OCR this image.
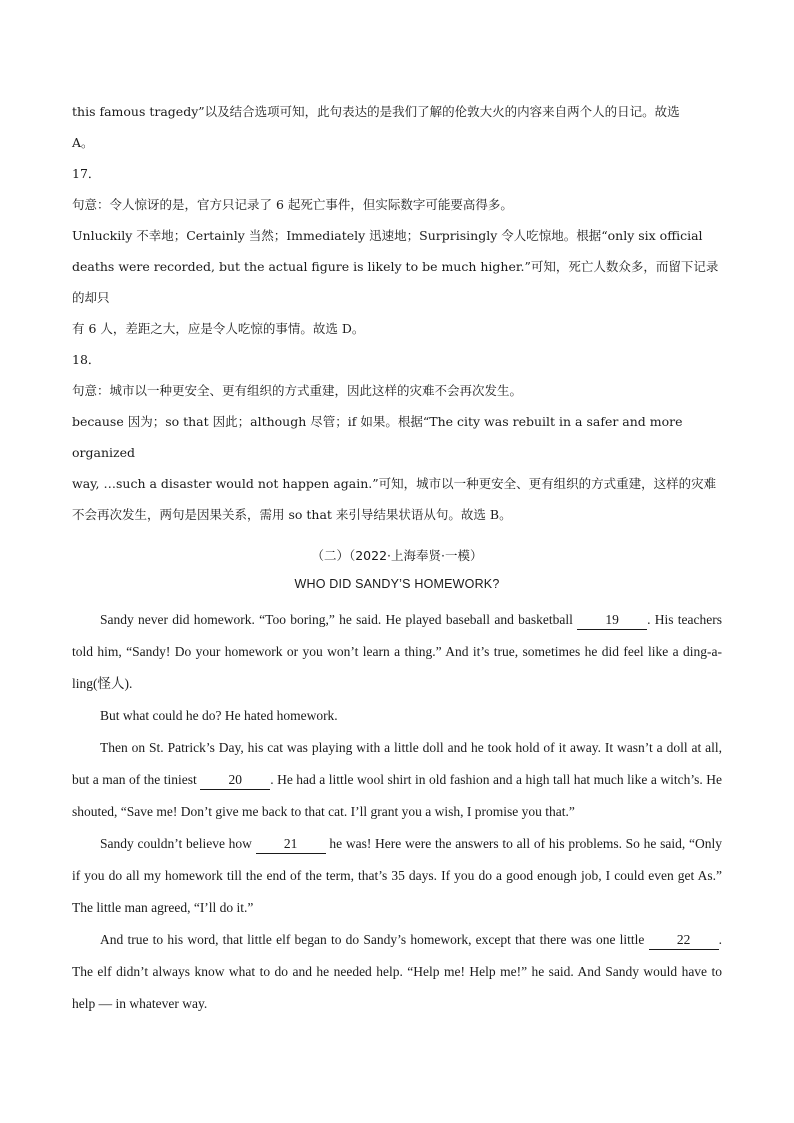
this famous tragedy”以及结合选项可知，此句表达的是我们了解的伦敦大火的内容来自两个人的日记。故选

A。

17．

句意：令人惊讶的是，官方只记录了 6 起死亡事件，但实际数字可能要高得多。

Unluckily 不幸地；Certainly 当然；Immediately 迅速地；Surprisingly 令人吃惊地。根据“only six official

deaths were recorded, but the actual figure is likely to be much higher.”可知，死亡人数众多，而留下记录的却只

有 6 人，差距之大，应是令人吃惊的事情。故选 D。

18．

句意：城市以一种更安全、更有组织的方式重建，因此这样的灾难不会再次发生。

because 因为；so that 因此；although 尽管；if 如果。根据“The city was rebuilt in a safer and more organized

way, …such a disaster would not happen again.”可知，城市以一种更安全、更有组织的方式重建，这样的灾难

不会再次发生，两句是因果关系，需用 so that 来引导结果状语从句。故选 B。

（二）（2022·上海奉贤·一模）
WHO DID SANDY’S HOMEWORK?

Sandy never did homework. “Too boring,” he said. He played baseball and basketball 19 . His teachers told him, “Sandy! Do your homework or you won’t learn a thing.” And it’s true, sometimes he did feel like a ding-a-ling(怪人).

But what could he do? He hated homework.

Then on St. Patrick’s Day, his cat was playing with a little doll and he took hold of it away. It wasn’t a doll at all, but a man of the tiniest 20 . He had a little wool shirt in old fashion and a high tall hat much like a witch’s. He shouted, “Save me! Don’t give me back to that cat. I’ll grant you a wish, I promise you that.”

Sandy couldn’t believe how 21 he was! Here were the answers to all of his problems. So he said, “Only if you do all my homework till the end of the term, that’s 35 days. If you do a good enough job, I could even get As.” The little man agreed, “I’ll do it.”

And true to his word, that little elf began to do Sandy’s homework, except that there was one little 22 . The elf didn’t always know what to do and he needed help. “Help me! Help me!” he said. And Sandy would have to help — in whatever way.
